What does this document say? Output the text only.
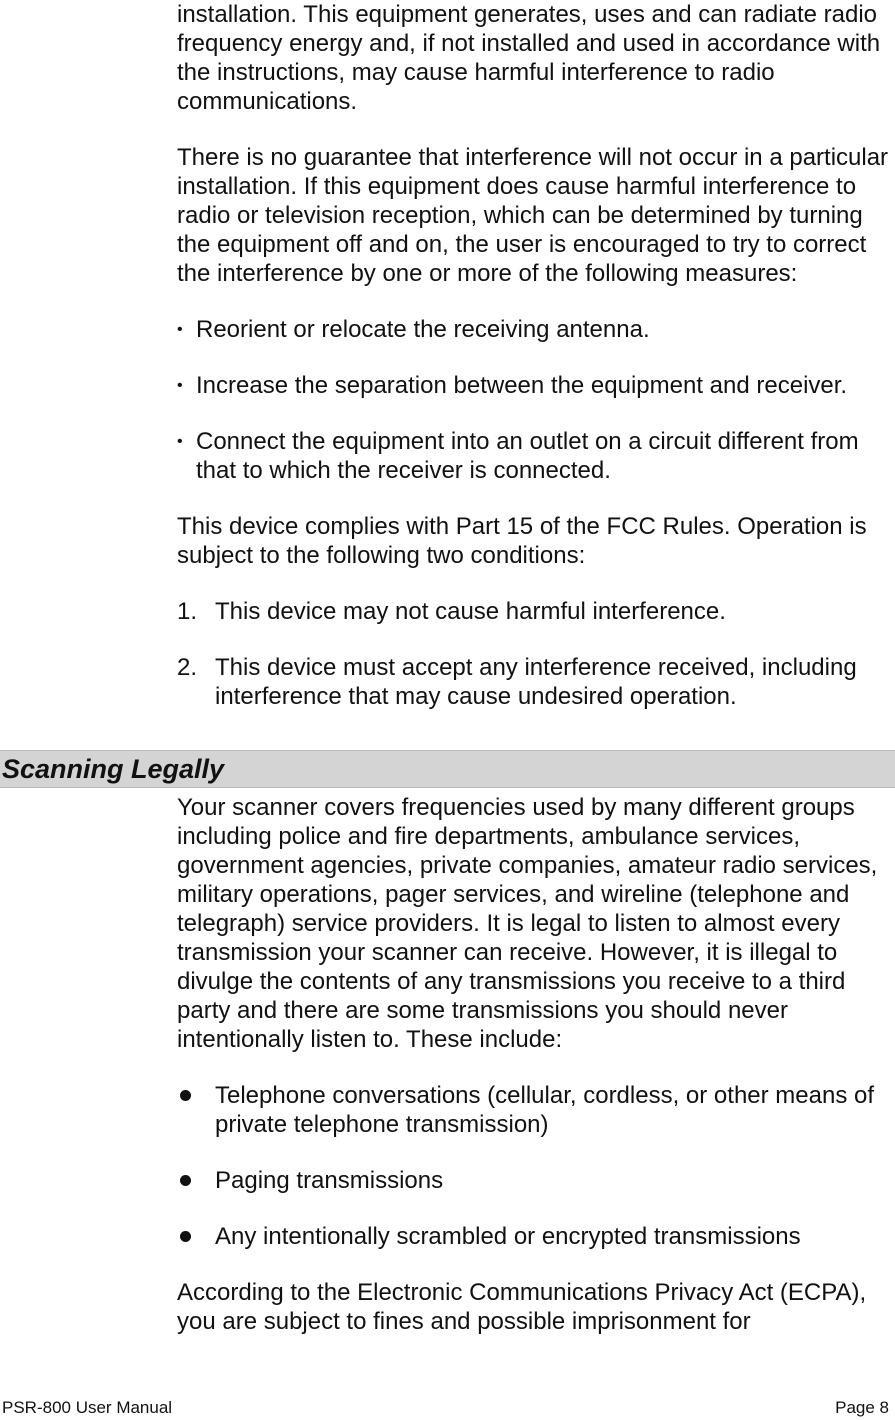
installation. This equipment generates, uses and can radiate radio frequency energy and, if not installed and used in accordance with the instructions, may cause harmful interference to radio communications.

There is no guarantee that interference will not occur in a particular installation. If this equipment does cause harmful interference to radio or television reception, which can be determined by turning the equipment off and on, the user is encouraged to try to correct the interference by one or more of the following measures:

• Reorient or relocate the receiving antenna.
• Increase the separation between the equipment and receiver.
• Connect the equipment into an outlet on a circuit different from that to which the receiver is connected.

This device complies with Part 15 of the FCC Rules. Operation is subject to the following two conditions:

1. This device may not cause harmful interference.
2. This device must accept any interference received, including interference that may cause undesired operation.
Scanning Legally

Your scanner covers frequencies used by many different groups including police and fire departments, ambulance services, government agencies, private companies, amateur radio services, military operations, pager services, and wireline (telephone and telegraph) service providers. It is legal to listen to almost every transmission your scanner can receive. However, it is illegal to divulge the contents of any transmissions you receive to a third party and there are some transmissions you should never intentionally listen to. These include:

Telephone conversations (cellular, cordless, or other means of private telephone transmission)
Paging transmissions
Any intentionally scrambled or encrypted transmissions

According to the Electronic Communications Privacy Act (ECPA), you are subject to fines and possible imprisonment for

PSR-800 User Manual	Page 8
